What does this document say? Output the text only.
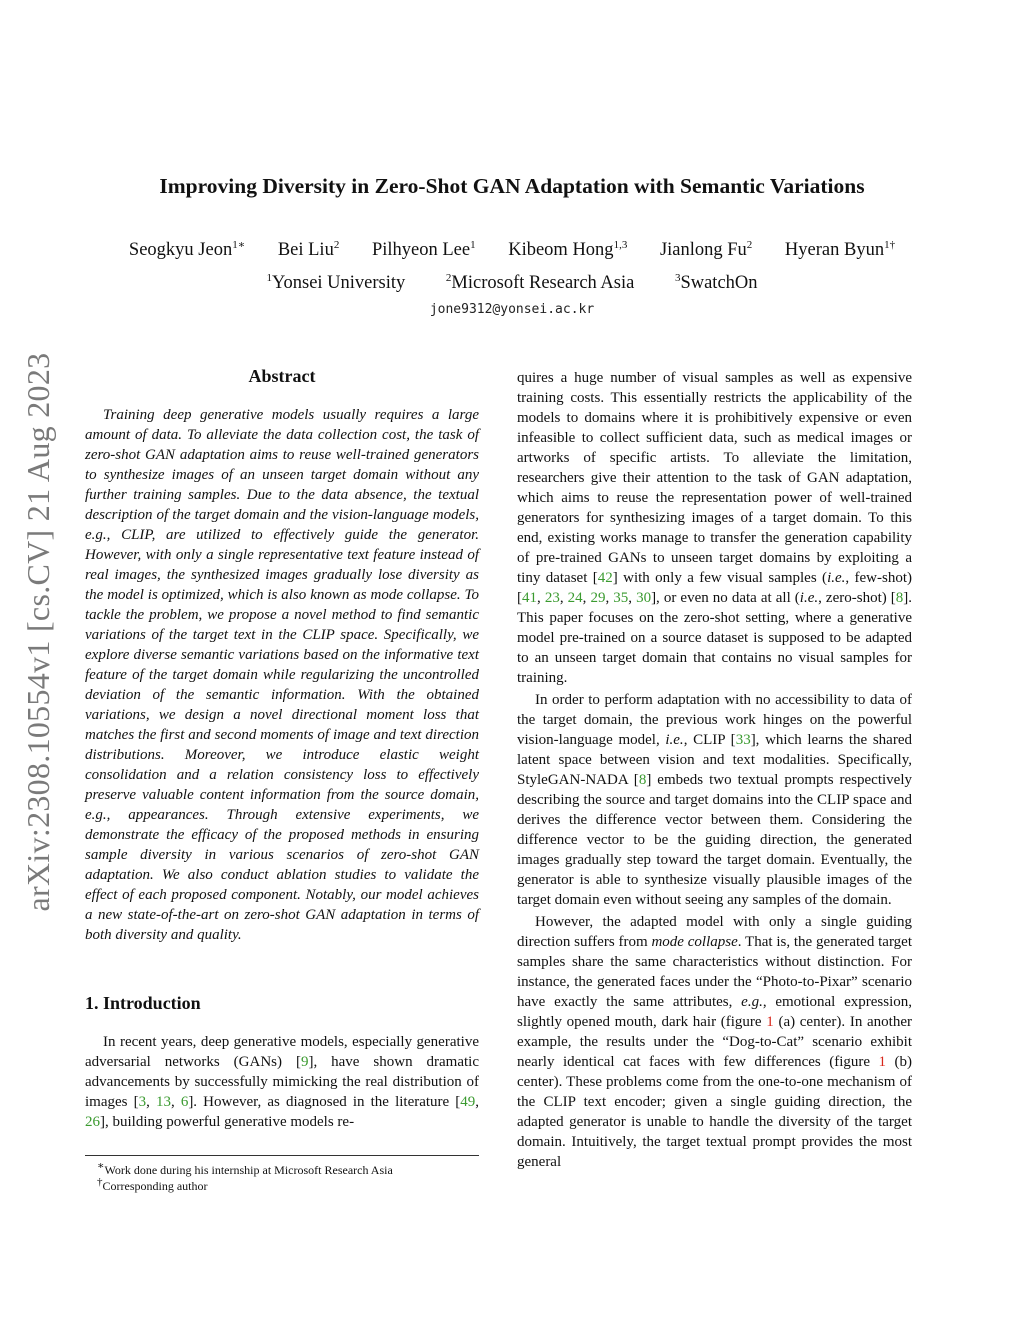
arXiv:2308.10554v1 [cs.CV] 21 Aug 2023
Improving Diversity in Zero-Shot GAN Adaptation with Semantic Variations
Seogkyu Jeon$^{1∗}$ Bei Liu$^2$ Pilhyeon Lee$^1$ Kibeom Hong$^{1,3}$ Jianlong Fu$^2$ Hyeran Byun$^{1\dagger}$
$^1$Yonsei University	$^2$Microsoft Research Asia	$^3$SwatchOn
jone9312@yonsei.ac.kr
Abstract

Training deep generative models usually requires a large amount of data. To alleviate the data collection cost, the task of zero-shot GAN adaptation aims to reuse well-trained generators to synthesize images of an unseen target domain without any further training samples. Due to the data absence, the textual description of the target domain and the vision-language models, e.g., CLIP, are utilized to effectively guide the generator. However, with only a single representative text feature instead of real images, the synthesized images gradually lose diversity as the model is optimized, which is also known as mode collapse. To tackle the problem, we propose a novel method to find semantic variations of the target text in the CLIP space. Specifically, we explore diverse semantic variations based on the informative text feature of the target domain while regularizing the uncontrolled deviation of the semantic information. With the obtained variations, we design a novel directional moment loss that matches the first and second moments of image and text direction distributions. Moreover, we introduce elastic weight consolidation and a relation consistency loss to effectively preserve valuable content information from the source domain, e.g., appearances. Through extensive experiments, we demonstrate the efficacy of the proposed methods in ensuring sample diversity in various scenarios of zero-shot GAN adaptation. We also conduct ablation studies to validate the effect of each proposed component. Notably, our model achieves a new state-of-the-art on zero-shot GAN adaptation in terms of both diversity and quality.

1. Introduction

In recent years, deep generative models, especially generative adversarial networks (GANs) [9], have shown dramatic advancements by successfully mimicking the real distribution of images [3, 13, 6]. However, as diagnosed in the literature [49, 26], building powerful generative models re-

∗Work done during his internship at Microsoft Research Asia
†Corresponding author

quires a huge number of visual samples as well as expensive training costs. This essentially restricts the applicability of the models to domains where it is prohibitively expensive or even infeasible to collect sufficient data, such as medical images or artworks of specific artists. To alleviate the limitation, researchers give their attention to the task of GAN adaptation, which aims to reuse the representation power of well-trained generators for synthesizing images of a target domain. To this end, existing works manage to transfer the generation capability of pre-trained GANs to unseen target domains by exploiting a tiny dataset [42] with only a few visual samples (i.e., few-shot) [41, 23, 24, 29, 35, 30], or even no data at all (i.e., zero-shot) [8]. This paper focuses on the zero-shot setting, where a generative model pre-trained on a source dataset is supposed to be adapted to an unseen target domain that contains no visual samples for training.

In order to perform adaptation with no accessibility to data of the target domain, the previous work hinges on the powerful vision-language model, i.e., CLIP [33], which learns the shared latent space between vision and text modalities. Specifically, StyleGAN-NADA [8] embeds two textual prompts respectively describing the source and target domains into the CLIP space and derives the difference vector between them. Considering the difference vector to be the guiding direction, the generated images gradually step toward the target domain. Eventually, the generator is able to synthesize visually plausible images of the target domain even without seeing any samples of the domain.

However, the adapted model with only a single guiding direction suffers from mode collapse. That is, the generated target samples share the same characteristics without distinction. For instance, the generated faces under the “Photo-to-Pixar” scenario have exactly the same attributes, e.g., emotional expression, slightly opened mouth, dark hair (figure 1 (a) center). In another example, the results under the “Dog-to-Cat” scenario exhibit nearly identical cat faces with few differences (figure 1 (b) center). These problems come from the one-to-one mechanism of the CLIP text encoder; given a single guiding direction, the adapted generator is unable to handle the diversity of the target domain. Intuitively, the target textual prompt provides the most general
